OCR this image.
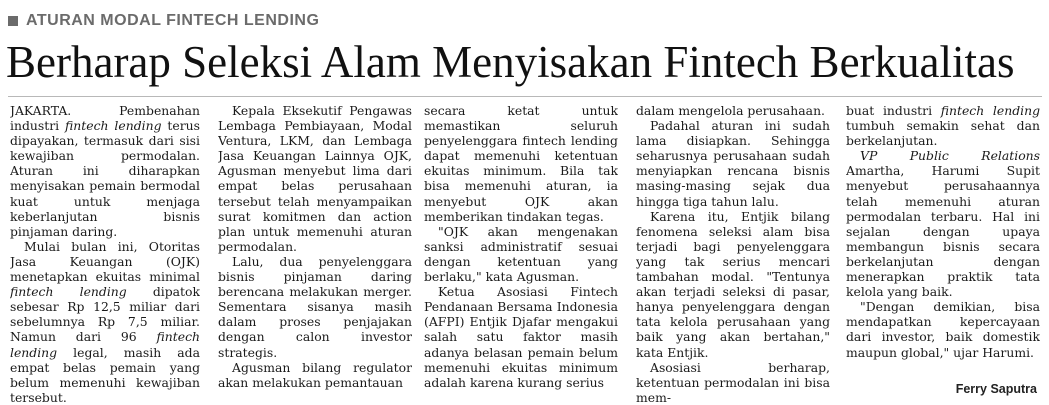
ATURAN MODAL FINTECH LENDING
Berharap Seleksi Alam Menyisakan Fintech Berkualitas

JAKARTA. Pembenahan industri fintech lending terus dipayakan, termasuk dari sisi kewajiban permodalan. Aturan ini diharapkan menyisakan pemain bermodal kuat untuk menjaga keberlanjutan bisnis pinjaman daring.

Mulai bulan ini, Otoritas Jasa Keuangan (OJK) menetapkan ekuitas minimal fintech lending dipatok sebesar Rp 12,5 miliar dari sebelumnya Rp 7,5 miliar. Namun dari 96 fintech lending legal, masih ada empat belas pemain yang belum memenuhi kewajiban tersebut.

Kepala Eksekutif Pengawas Lembaga Pembiayaan, Modal Ventura, LKM, dan Lembaga Jasa Keuangan Lainnya OJK, Agusman menyebut lima dari empat belas perusahaan tersebut telah menyampaikan surat komitmen dan action plan untuk memenuhi aturan permodalan.

Lalu, dua penyelenggara bisnis pinjaman daring berencana melakukan merger. Sementara sisanya masih dalam proses penjajakan dengan calon investor strategis.

Agusman bilang regulator akan melakukan pemantauan

secara ketat untuk memastikan seluruh penyelenggara fintech lending dapat memenuhi ketentuan ekuitas minimum. Bila tak bisa memenuhi aturan, ia menyebut OJK akan memberikan tindakan tegas.

"OJK akan mengenakan sanksi administratif sesuai dengan ketentuan yang berlaku," kata Agusman.

Ketua Asosiasi Fintech Pendanaan Bersama Indonesia (AFPI) Entjik Djafar mengakui salah satu faktor masih adanya belasan pemain belum memenuhi ekuitas minimum adalah karena kurang serius

dalam mengelola perusahaan.

Padahal aturan ini sudah lama disiapkan. Sehingga seharusnya perusahaan sudah menyiapkan rencana bisnis masing-masing sejak dua hingga tiga tahun lalu.

Karena itu, Entjik bilang fenomena seleksi alam bisa terjadi bagi penyelenggara yang tak serius mencari tambahan modal. "Tentunya akan terjadi seleksi di pasar, hanya penyelenggara dengan tata kelola perusahaan yang baik yang akan bertahan," kata Entjik.

Asosiasi berharap, ketentuan permodalan ini bisa mem-

buat industri fintech lending tumbuh semakin sehat dan berkelanjutan.

VP Public Relations Amartha, Harumi Supit menyebut perusahaannya telah memenuhi aturan permodalan terbaru. Hal ini sejalan dengan upaya membangun bisnis secara berkelanjutan dengan menerapkan praktik tata kelola yang baik.

"Dengan demikian, bisa mendapatkan kepercayaan dari investor, baik domestik maupun global," ujar Harumi.

Ferry Saputra
